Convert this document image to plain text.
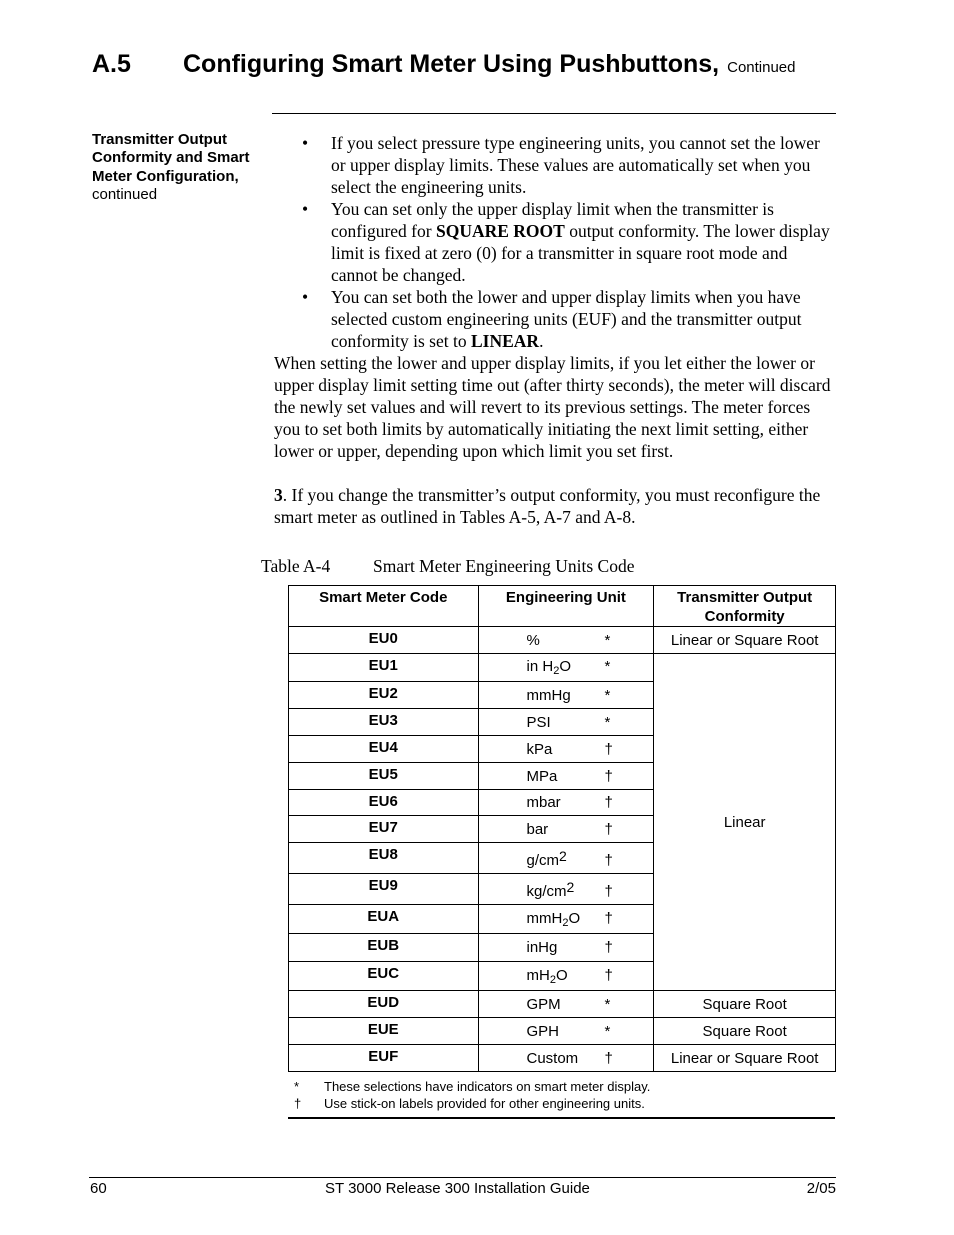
A.5 Configuring Smart Meter Using Pushbuttons, Continued
Transmitter Output Conformity and Smart Meter Configuration,
continued
•	If you select pressure type engineering units, you cannot set the lower or upper display limits. These values are automatically set when you select the engineering units.
•	You can set only the upper display limit when the transmitter is configured for SQUARE ROOT output conformity. The lower display limit is fixed at zero (0) for a transmitter in square root mode and cannot be changed.
•	You can set both the lower and upper display limits when you have selected custom engineering units (EUF) and the transmitter output conformity is set to LINEAR.
When setting the lower and upper display limits, if you let either the lower or upper display limit setting time out (after thirty seconds), the meter will discard the newly set values and will revert to its previous settings. The meter forces you to set both limits by automatically initiating the next limit setting, either lower or upper, depending upon which limit you set first.
3. If you change the transmitter’s output conformity, you must reconfigure the smart meter as outlined in Tables A-5, A-7 and A-8.
Table A-4 Smart Meter Engineering Units Code
Smart Meter Code	Engineering Unit	Transmitter Output Conformity
EU0	% *	Linear or Square Root
EU1	in $H_2O$ *	Linear
EU2	mmHg *	
EU3	PSI *	
EU4	kPa †	
EU5	MPa †	
EU6	mbar †	
EU7	bar †	
EU8	$g/cm^2$ †	
EU9	$kg/cm^2$ †	
EUA	mmH$_2$O †	
EUB	inHg †	
EUC	$mH_2O$ †	
EUD	GPM *	Square Root
EUE	GPH *	Square Root
EUF	Custom †	Linear or Square Root
*	These selections have indicators on smart meter display.
†	Use stick-on labels provided for other engineering units.
60	ST 3000 Release 300 Installation Guide	2/05
